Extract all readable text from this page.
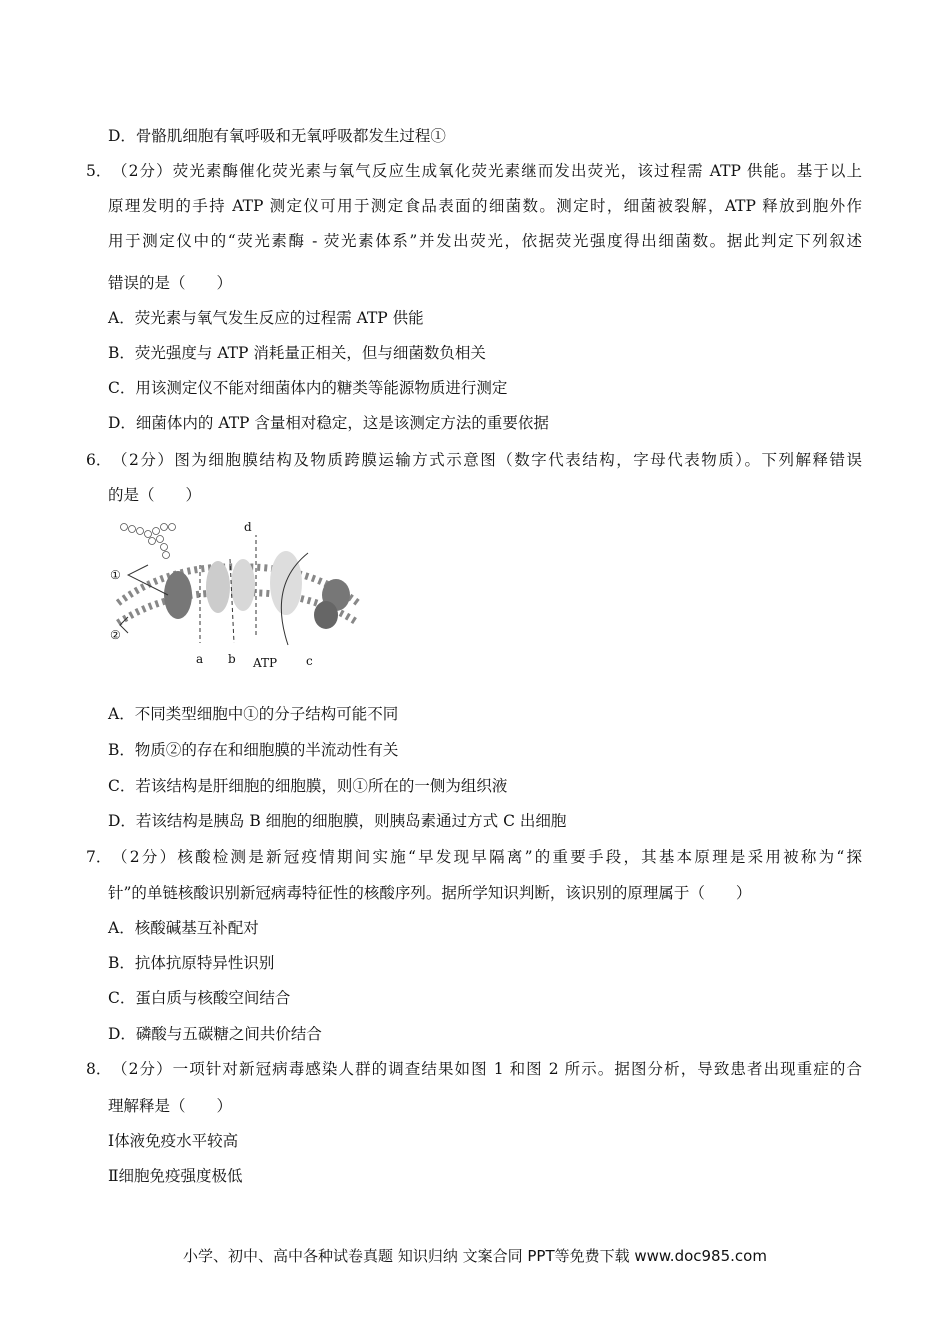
D．骨骼肌细胞有氧呼吸和无氧呼吸都发生过程①
5． （2分）荧光素酶催化荧光素与氧气反应生成氧化荧光素继而发出荧光，该过程需 ATP 供能。基于以上
原理发明的手持 ATP 测定仪可用于测定食品表面的细菌数。测定时，细菌被裂解，ATP 释放到胞外作
用于测定仪中的“荧光素酶 - 荧光素体系”并发出荧光，依据荧光强度得出细菌数。据此判定下列叙述
错误的是（　　）
A．荧光素与氧气发生反应的过程需 ATP 供能
B．荧光强度与 ATP 消耗量正相关，但与细菌数负相关
C．用该测定仪不能对细菌体内的糖类等能源物质进行测定
D．细菌体内的 ATP 含量相对稳定，这是该测定方法的重要依据
6． （2分）图为细胞膜结构及物质跨膜运输方式示意图（数字代表结构，字母代表物质）。下列解释错误
的是（　　）
①
②
a b
d
ATP c
A．不同类型细胞中①的分子结构可能不同
B．物质②的存在和细胞膜的半流动性有关
C．若该结构是肝细胞的细胞膜，则①所在的一侧为组织液
D．若该结构是胰岛 B 细胞的细胞膜，则胰岛素通过方式 C 出细胞
7． （2分）核酸检测是新冠疫情期间实施“早发现早隔离”的重要手段，其基本原理是采用被称为“探
针”的单链核酸识别新冠病毒特征性的核酸序列。据所学知识判断，该识别的原理属于（　　）
A．核酸碱基互补配对
B．抗体抗原特异性识别
C．蛋白质与核酸空间结合
D．磷酸与五碳糖之间共价结合
8． （2分）一项针对新冠病毒感染人群的调查结果如图 1 和图 2 所示。据图分析，导致患者出现重症的合
理解释是（　　）
Ⅰ体液免疫水平较高
Ⅱ细胞免疫强度极低
小学、初中、高中各种试卷真题 知识归纳 文案合同 PPT等免费下载 www.doc985.com
